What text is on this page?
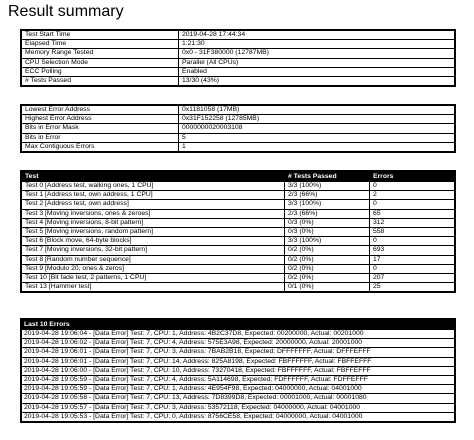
Result summary
Test Start Time	2019-04-28 17:44:34
Elapsed Time	1:21:30
Memory Range Tested	0x0 - 31F380000 (12787MB)
CPU Selection Mode	Parallel (All CPUs)
ECC Polling	Enabled
# Tests Passed	13/30 (43%)
Lowest Error Address	0x1181058 (17MB)
Highest Error Address	0x31F152258 (12785MB)
Bits in Error Mask	0000000020003108
Bits in Error	5
Max Contiguous Errors	1
Test	# Tests Passed	Errors
Test 0 [Address test, walking ones, 1 CPU]	3/3 (100%)	0
Test 1 [Address test, own address, 1 CPU]	2/3 (66%)	2
Test 2 [Address test, own address]	3/3 (100%)	0
Test 3 [Moving inversions, ones & zeroes]	2/3 (66%)	65
Test 4 [Moving inversions, 8-bit pattern]	0/3 (0%)	312
Test 5 [Moving inversions, random pattern]	0/3 (0%)	558
Test 6 [Block move, 64-byte blocks]	3/3 (100%)	0
Test 7 [Moving inversions, 32-bit pattern]	0/2 (0%)	693
Test 8 [Random number sequence]	0/2 (0%)	17
Test 9 [Modulo 20, ones & zeros]	0/2 (0%)	0
Test 10 [Bit fade test, 2 patterns, 1 CPU]	0/2 (0%)	207
Test 13 [Hammer test]	0/1 (0%)	25
Last 10 Errors
2019-04-28 19:06:04 - [Data Error] Test: 7, CPU: 1, Address: 4B2C37D8, Expected: 00200000, Actual: 00201000
2019-04-28 19:06:02 - [Data Error] Test: 7, CPU: 4, Address: 575E3A98, Expected: 20000000, Actual: 20001000
2019-04-28 19:06:01 - [Data Error] Test: 7, CPU: 3, Address: 7BAB2B18, Expected: DFFFFFFF, Actual: DFFFEFFF
2019-04-28 19:06:01 - [Data Error] Test: 7, CPU: 14, Address: 825A8198, Expected: FBFFFFFF, Actual: FBFFEFFF
2019-04-28 19:06:00 - [Data Error] Test: 7, CPU: 10, Address: 73270418, Expected: FBFFFFFF, Actual: FBFFEFFF
2019-04-28 19:05:59 - [Data Error] Test: 7, CPU: 4, Address: 5A114698, Expected: FDFFFFFF, Actual: FDFFEFFF
2019-04-28 19:05:59 - [Data Error] Test: 7, CPU: 1, Address: 4E954F98, Expected: 04000000, Actual: 04001000
2019-04-28 19:05:58 - [Data Error] Test: 7, CPU: 13, Address: 7D8399D8, Expected: 00001000, Actual: 00001080
2019-04-28 19:05:57 - [Data Error] Test: 7, CPU: 3, Address: 53572118, Expected: 04000000, Actual: 04001000
2019-04-28 19:05:53 - [Data Error] Test: 7, CPU: 0, Address: 8756CE58, Expected: 04000000, Actual: 04001000
